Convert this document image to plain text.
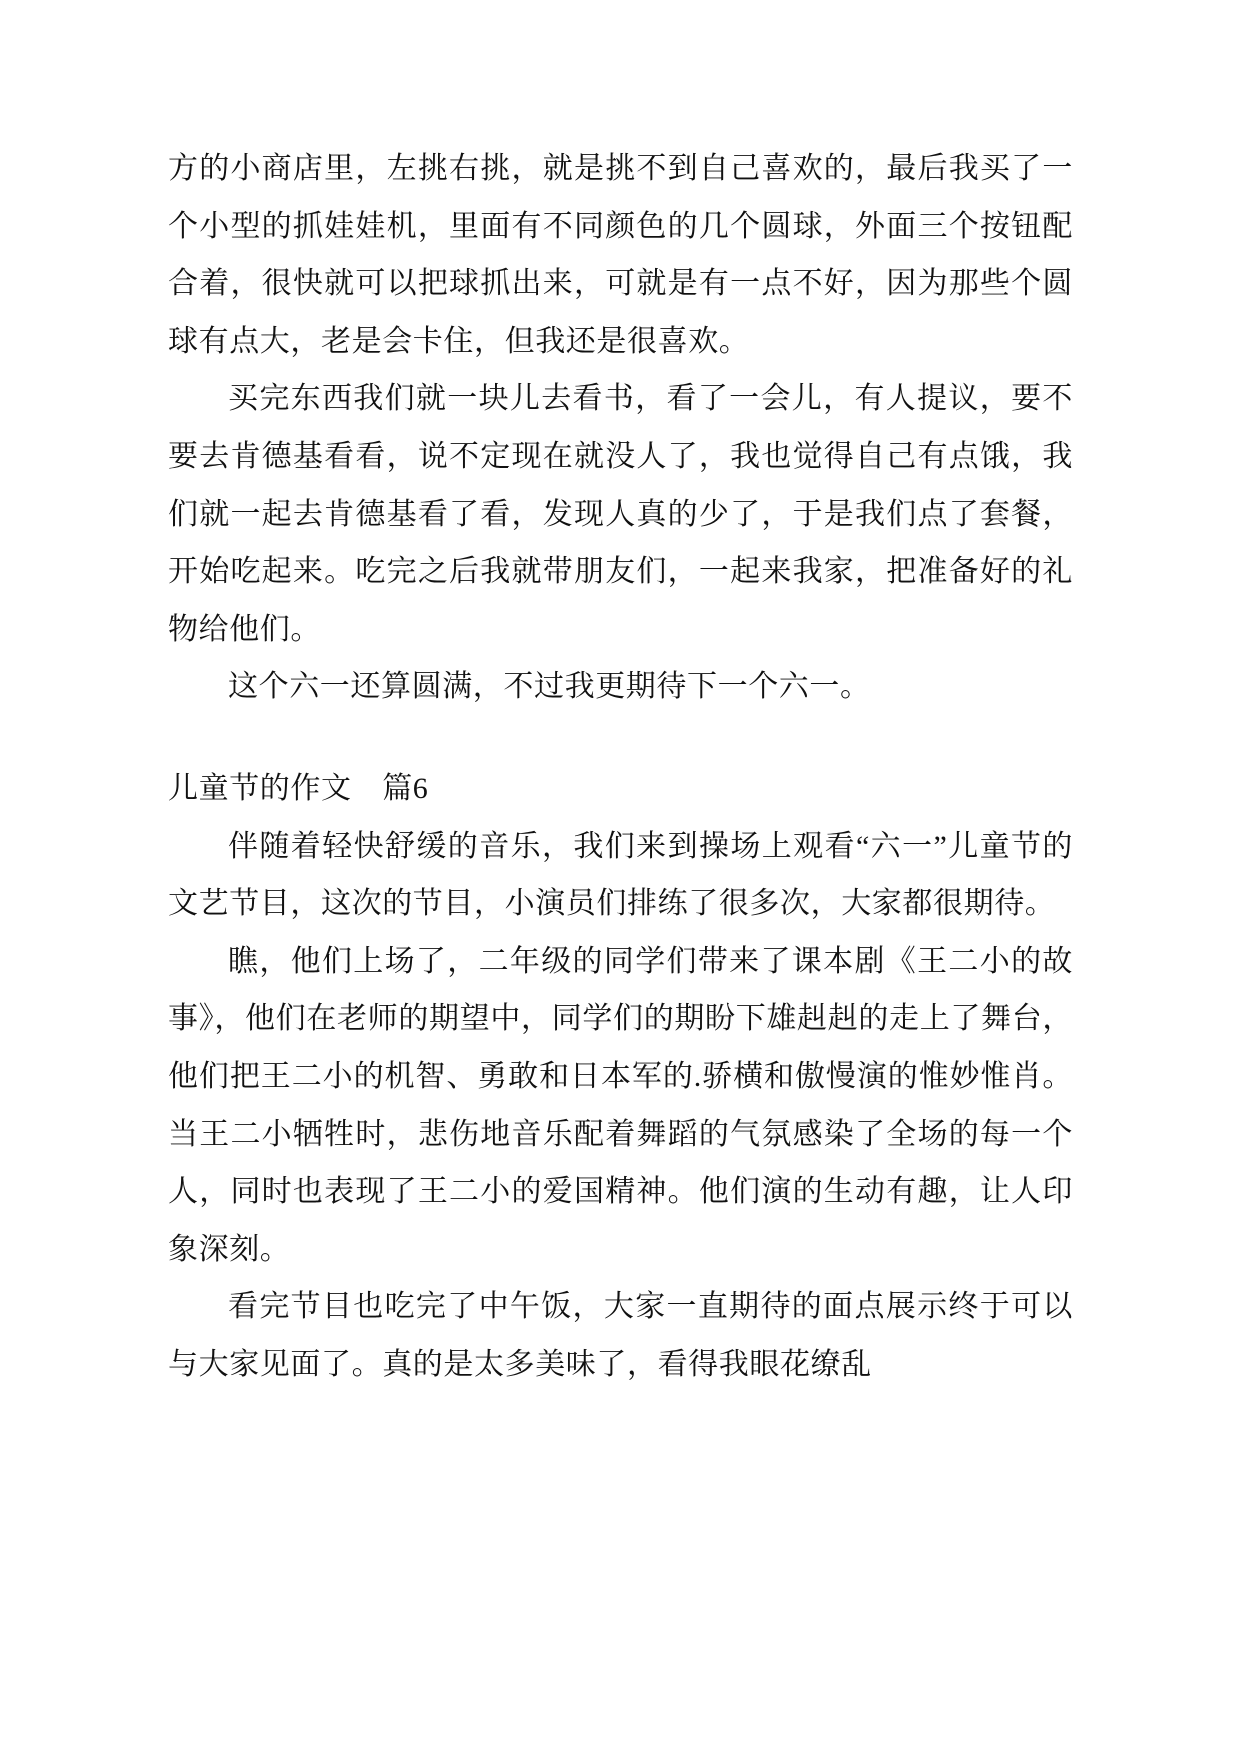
方的小商店里，左挑右挑，就是挑不到自己喜欢的，最后我买了一个小型的抓娃娃机，里面有不同颜色的几个圆球，外面三个按钮配合着，很快就可以把球抓出来，可就是有一点不好，因为那些个圆球有点大，老是会卡住，但我还是很喜欢。

买完东西我们就一块儿去看书，看了一会儿，有人提议，要不要去肯德基看看，说不定现在就没人了，我也觉得自己有点饿，我们就一起去肯德基看了看，发现人真的少了，于是我们点了套餐，开始吃起来。吃完之后我就带朋友们，一起来我家，把准备好的礼物给他们。

这个六一还算圆满，不过我更期待下一个六一。

儿童节的作文　篇6

伴随着轻快舒缓的音乐，我们来到操场上观看“六一”儿童节的文艺节目，这次的节目，小演员们排练了很多次，大家都很期待。

瞧，他们上场了，二年级的同学们带来了课本剧《王二小的故事》，他们在老师的期望中，同学们的期盼下雄赳赳的走上了舞台，他们把王二小的机智、勇敢和日本军的.骄横和傲慢演的惟妙惟肖。当王二小牺牲时，悲伤地音乐配着舞蹈的气氛感染了全场的每一个人，同时也表现了王二小的爱国精神。他们演的生动有趣，让人印象深刻。

看完节目也吃完了中午饭，大家一直期待的面点展示终于可以与大家见面了。真的是太多美味了，看得我眼花缭乱
